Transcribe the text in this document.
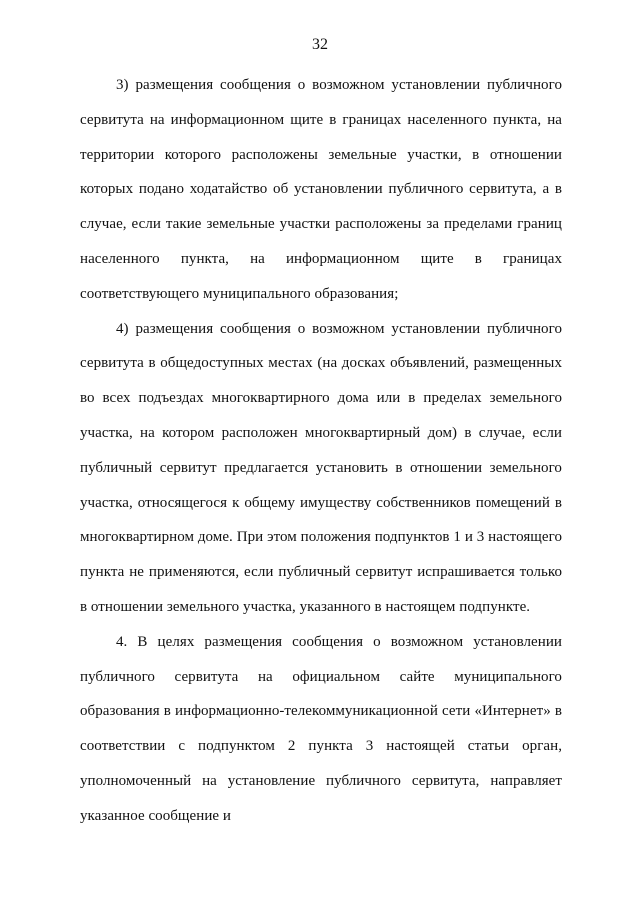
32

3) размещения сообщения о возможном установлении публичного сервитута на информационном щите в границах населенного пункта, на территории которого расположены земельные участки, в отношении которых подано ходатайство об установлении публичного сервитута, а в случае, если такие земельные участки расположены за пределами границ населенного пункта, на информационном щите в границах соответствующего муниципального образования;

4) размещения сообщения о возможном установлении публичного сервитута в общедоступных местах (на досках объявлений, размещенных во всех подъездах многоквартирного дома или в пределах земельного участка, на котором расположен многоквартирный дом) в случае, если публичный сервитут предлагается установить в отношении земельного участка, относящегося к общему имуществу собственников помещений в многоквартирном доме. При этом положения подпунктов 1 и 3 настоящего пункта не применяются, если публичный сервитут испрашивается только в отношении земельного участка, указанного в настоящем подпункте.

4. В целях размещения сообщения о возможном установлении публичного сервитута на официальном сайте муниципального образования в информационно-телекоммуникационной сети «Интернет» в соответствии с подпунктом 2 пункта 3 настоящей статьи орган, уполномоченный на установление публичного сервитута, направляет указанное сообщение и
